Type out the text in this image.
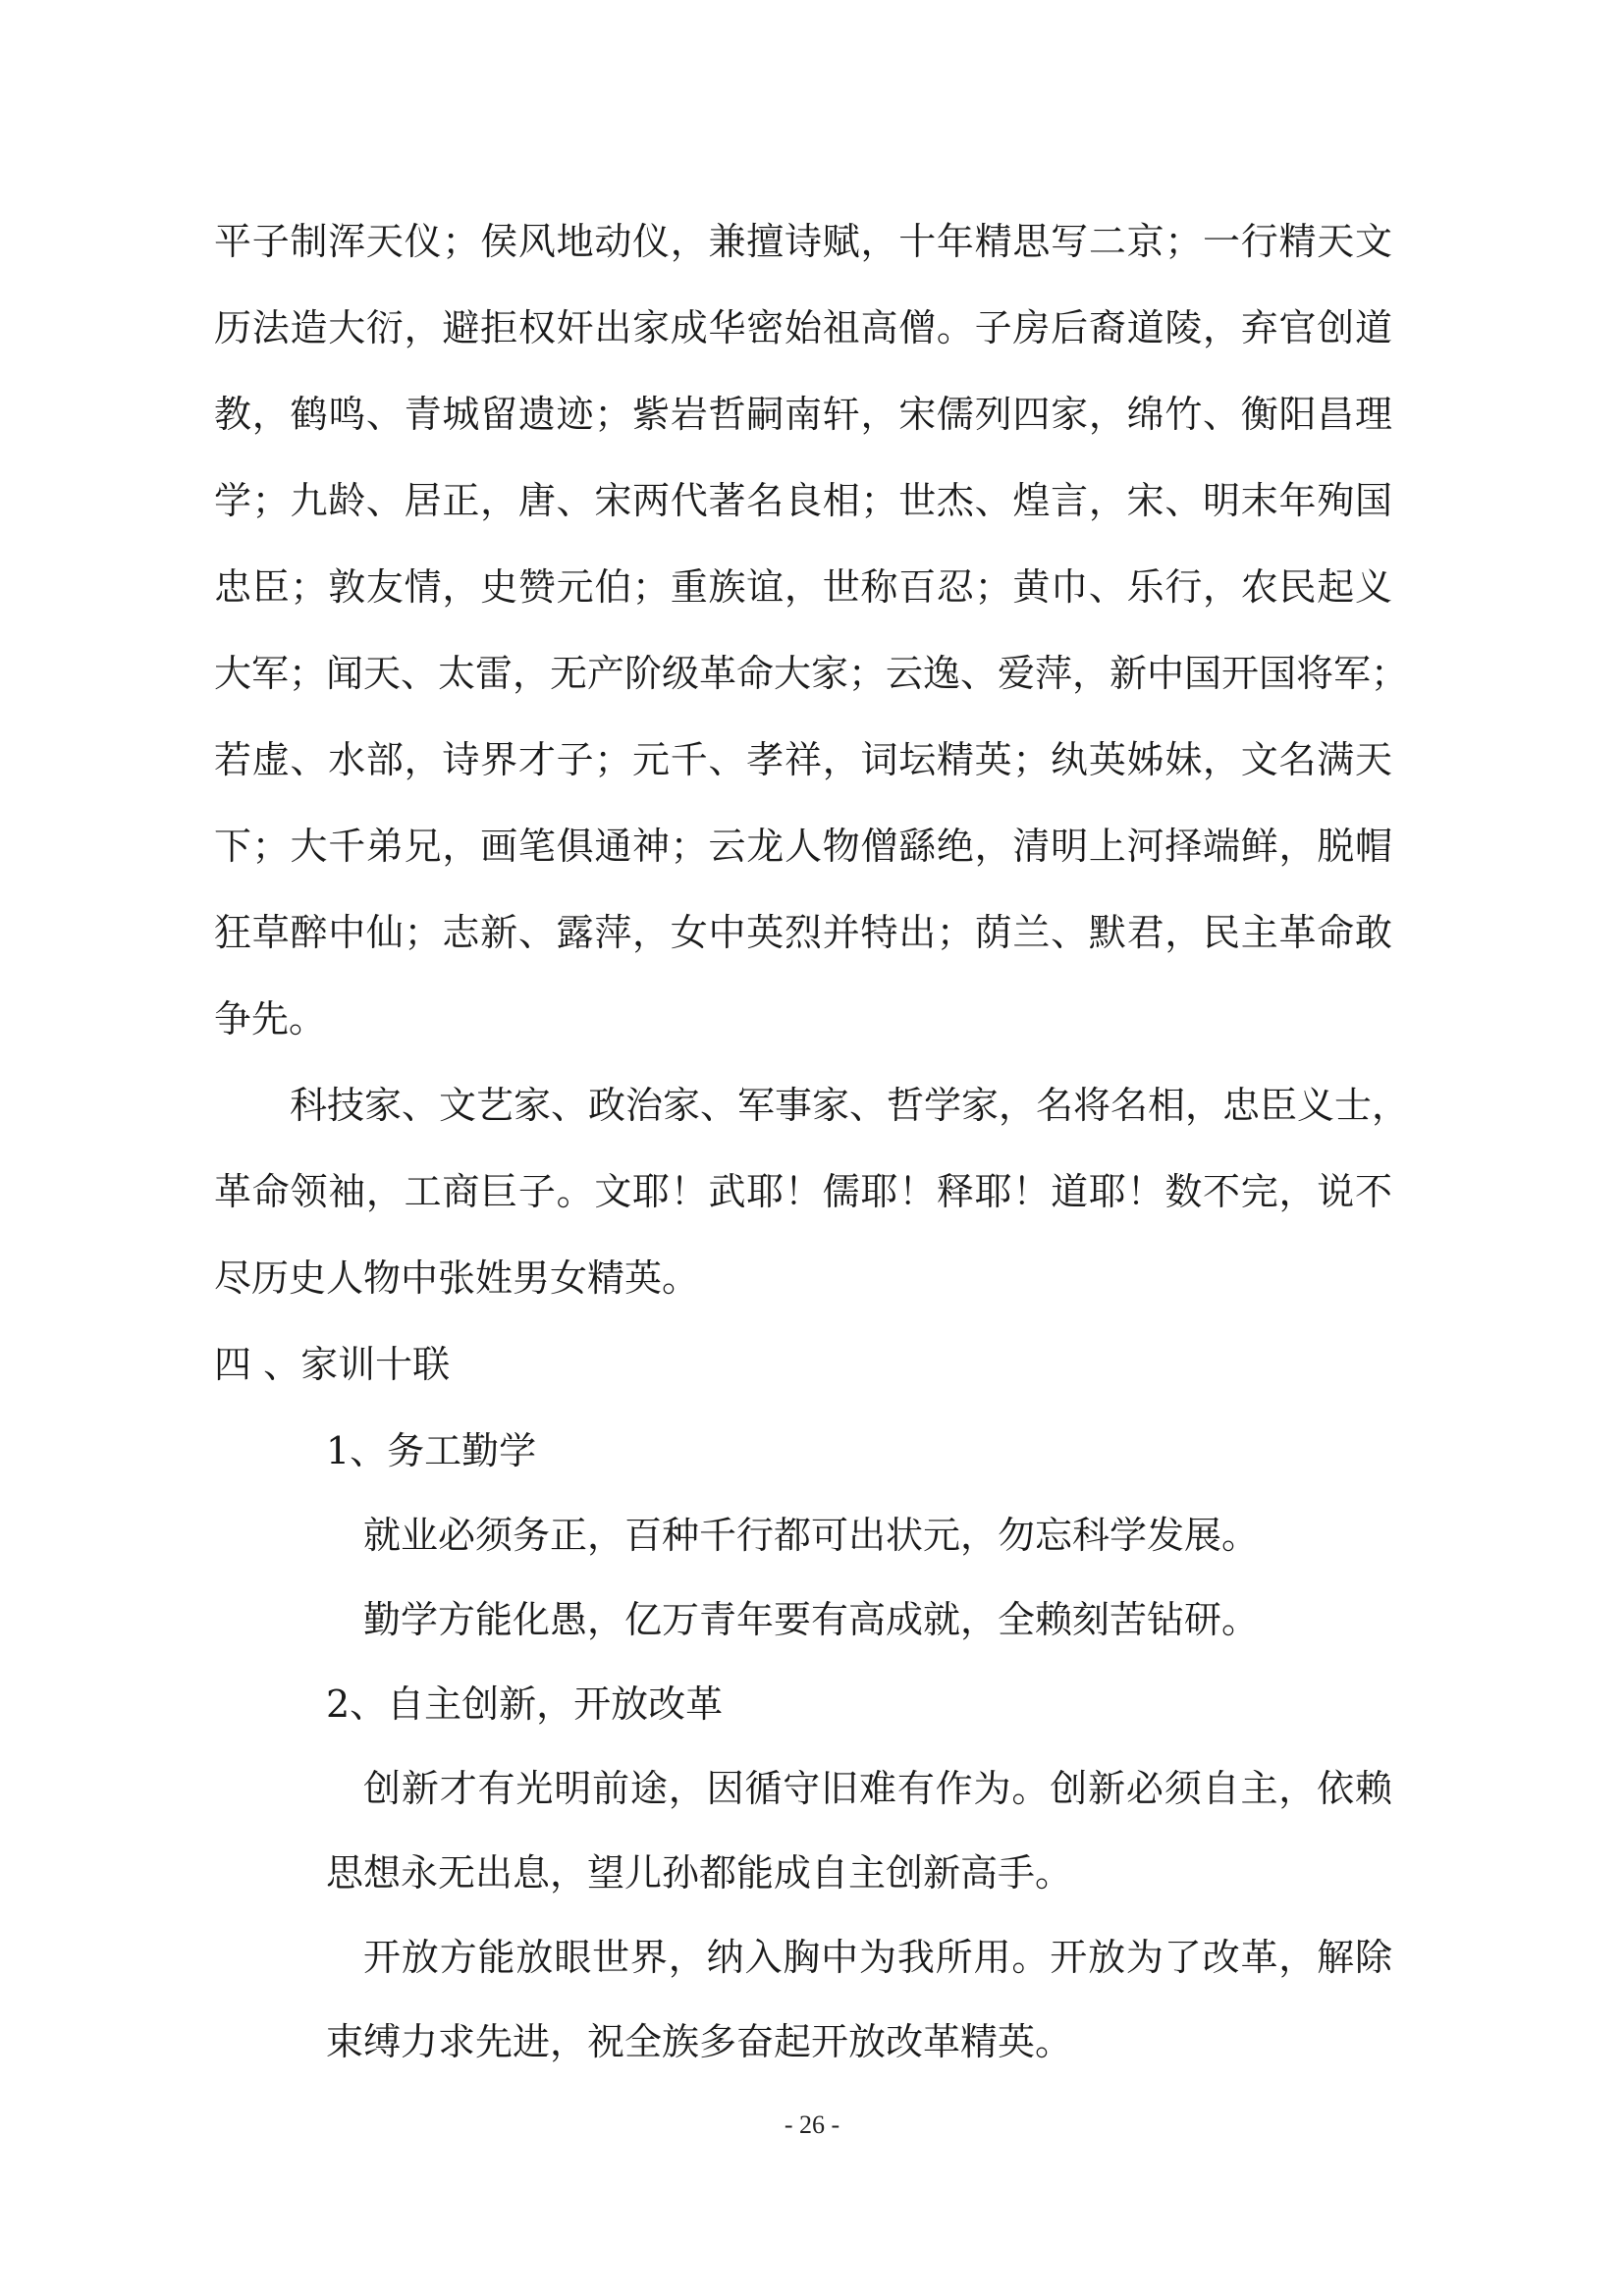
平子制浑天仪；侯风地动仪，兼擅诗赋，十年精思写二京；一行精天文
历法造大衍，避拒权奸出家成华密始祖高僧。子房后裔道陵，弃官创道
教，鹤鸣、青城留遗迹；紫岩哲嗣南轩，宋儒列四家，绵竹、衡阳昌理
学；九龄、居正，唐、宋两代著名良相；世杰、煌言，宋、明末年殉国
忠臣；敦友情，史赞元伯；重族谊，世称百忍；黄巾、乐行，农民起义
大军；闻天、太雷，无产阶级革命大家；云逸、爱萍，新中国开国将军；
若虚、水部，诗界才子；元千、孝祥，词坛精英；纨英姊妹，文名满天
下；大千弟兄，画笔俱通神；云龙人物僧繇绝，清明上河择端鲜，脱帽
狂草醉中仙；志新、露萍，女中英烈并特出；荫兰、默君，民主革命敢
争先。
科技家、文艺家、政治家、军事家、哲学家，名将名相，忠臣义士，
革命领袖，工商巨子。文耶！武耶！儒耶！释耶！道耶！数不完，说不
尽历史人物中张姓男女精英。
四 、家训十联
1、务工勤学
就业必须务正，百种千行都可出状元，勿忘科学发展。
勤学方能化愚，亿万青年要有高成就，全赖刻苦钻研。
2、自主创新，开放改革
创新才有光明前途，因循守旧难有作为。创新必须自主，依赖
思想永无出息，望儿孙都能成自主创新高手。
开放方能放眼世界，纳入胸中为我所用。开放为了改革，解除
束缚力求先进，祝全族多奋起开放改革精英。
- 26 -
